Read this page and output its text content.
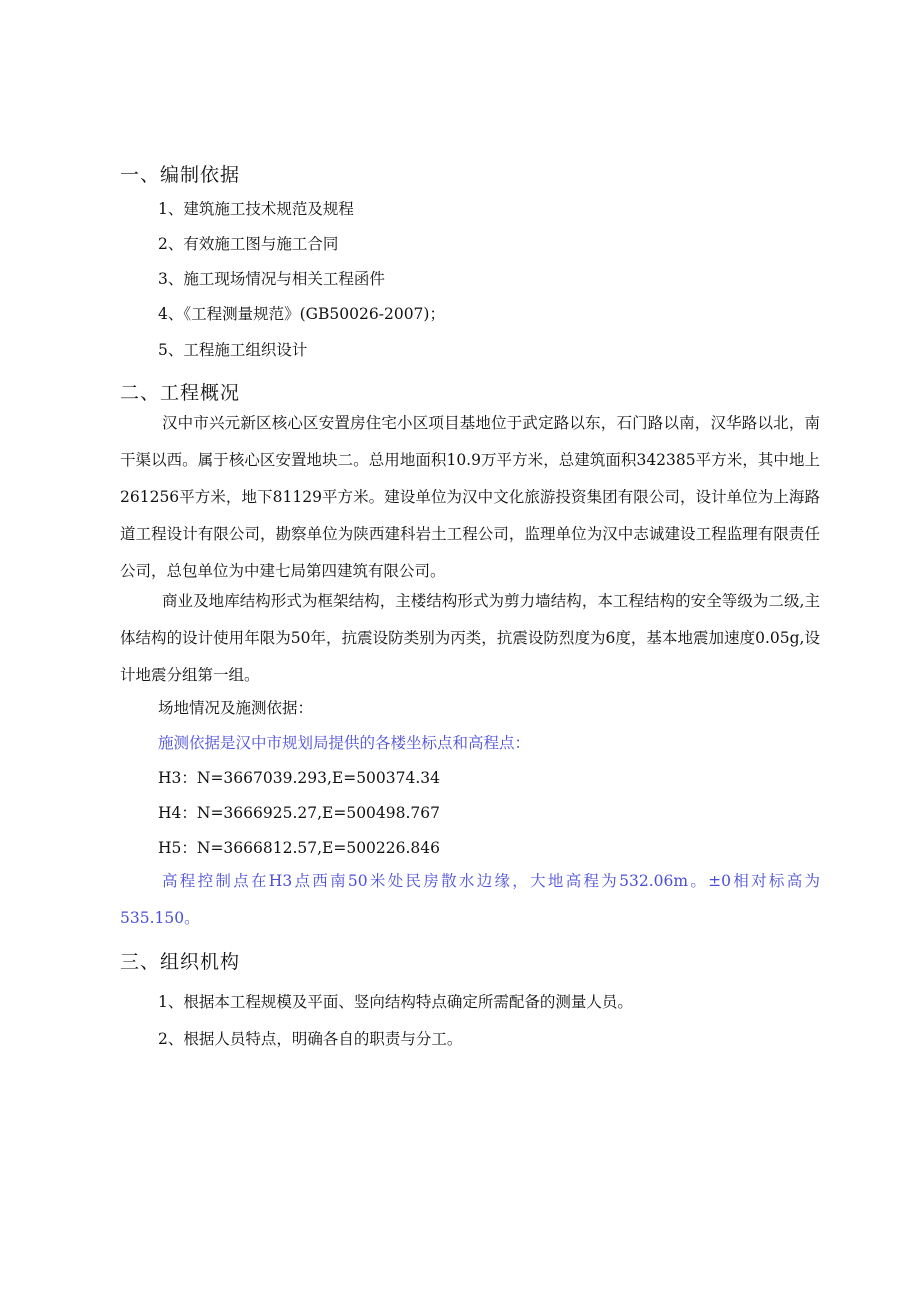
一、编制依据
1、建筑施工技术规范及规程
2、有效施工图与施工合同
3、施工现场情况与相关工程函件
4、《工程测量规范》(GB50026-2007)；
5、工程施工组织设计
二、工程概况
汉中市兴元新区核心区安置房住宅小区项目基地位于武定路以东，石门路以南，汉华路以北，南干渠以西。属于核心区安置地块二。总用地面积10.9万平方米，总建筑面积342385平方米，其中地上261256平方米，地下81129平方米。建设单位为汉中文化旅游投资集团有限公司，设计单位为上海路道工程设计有限公司，勘察单位为陕西建科岩土工程公司，监理单位为汉中志诚建设工程监理有限责任公司，总包单位为中建七局第四建筑有限公司。
商业及地库结构形式为框架结构，主楼结构形式为剪力墙结构，本工程结构的安全等级为二级,主体结构的设计使用年限为50年，抗震设防类别为丙类，抗震设防烈度为6度，基本地震加速度0.05g,设计地震分组第一组。
场地情况及施测依据：
施测依据是汉中市规划局提供的各楼坐标点和高程点：
H3：N=3667039.293,E=500374.34
H4：N=3666925.27,E=500498.767
H5：N=3666812.57,E=500226.846
高程控制点在H3点西南50米处民房散水边缘，大地高程为532.06m。±0相对标高为535.150。
三、组织机构
1、根据本工程规模及平面、竖向结构特点确定所需配备的测量人员。
2、根据人员特点，明确各自的职责与分工。
